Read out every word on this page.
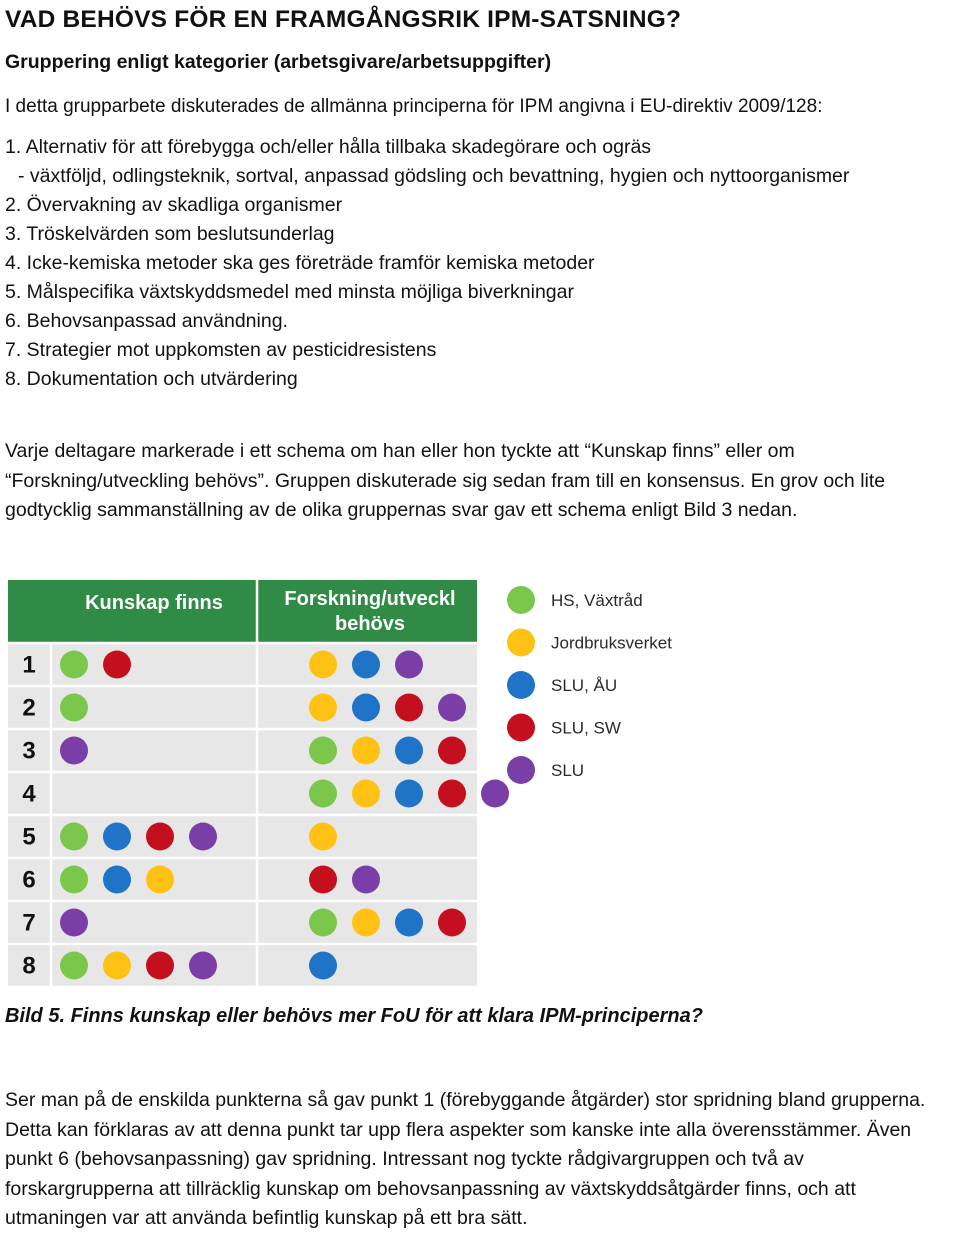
VAD BEHÖVS FÖR EN FRAMGÅNGSRIK IPM-SATSNING?
Gruppering enligt kategorier (arbetsgivare/arbetsuppgifter)

I detta grupparbete diskuterades de allmänna principerna för IPM angivna i EU-direktiv 2009/128:

1. Alternativ för att förebygga och/eller hålla tillbaka skadegörare och ogräs

- växtföljd, odlingsteknik, sortval, anpassad gödsling och bevattning, hygien och nyttoorganismer

2. Övervakning av skadliga organismer

3. Tröskelvärden som beslutsunderlag

4. Icke-kemiska metoder ska ges företräde framför kemiska metoder

5. Målspecifika växtskyddsmedel med minsta möjliga biverkningar

6. Behovsanpassad användning.

7. Strategier mot uppkomsten av pesticidresistens

8. Dokumentation och utvärdering

Varje deltagare markerade i ett schema om han eller hon tyckte att “Kunskap finns” eller om “Forskning/utveckling behövs”. Gruppen diskuterade sig sedan fram till en konsensus. En grov och lite godtycklig sammanställning av de olika gruppernas svar gav ett schema enligt Bild 3 nedan.

Kunskap finns	Forskning/utveckl
behövs
1
2
3
4
5
6
7
8
HS, Växtråd
Jordbruksverket
SLU, ÅU
SLU, SW
SLU

Bild 5. Finns kunskap eller behövs mer FoU för att klara IPM-principerna?

Ser man på de enskilda punkterna så gav punkt 1 (förebyggande åtgärder) stor spridning bland grupperna. Detta kan förklaras av att denna punkt tar upp flera aspekter som kanske inte alla överensstämmer. Även punkt 6 (behovsanpassning) gav spridning. Intressant nog tyckte rådgivargruppen och två av forskargrupperna att tillräcklig kunskap om behovsanpassning av växtskyddsåtgärder finns, och att utmaningen var att använda befintlig kunskap på ett bra sätt.
